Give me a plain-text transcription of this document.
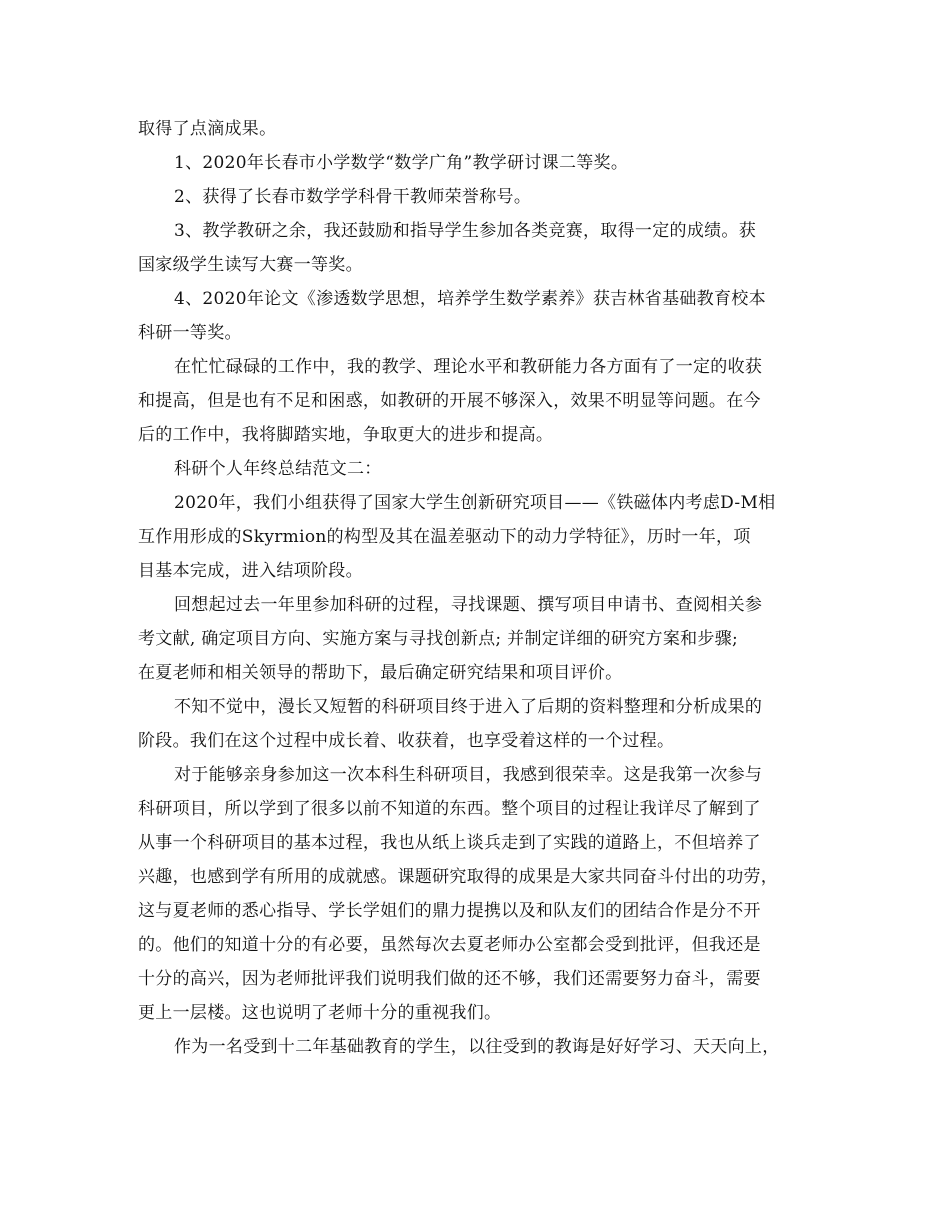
取得了点滴成果。
1、2020年长春市小学数学“数学广角”教学研讨课二等奖。
2、获得了长春市数学学科骨干教师荣誉称号。
3、教学教研之余，我还鼓励和指导学生参加各类竞赛，取得一定的成绩。获
国家级学生读写大赛一等奖。
4、2020年论文《渗透数学思想，培养学生数学素养》获吉林省基础教育校本
科研一等奖。
在忙忙碌碌的工作中，我的教学、理论水平和教研能力各方面有了一定的收获
和提高，但是也有不足和困惑，如教研的开展不够深入，效果不明显等问题。在今
后的工作中，我将脚踏实地，争取更大的进步和提高。
科研个人年终总结范文二：
2020年，我们小组获得了国家大学生创新研究项目——《铁磁体内考虑D-M相
互作用形成的Skyrmion的构型及其在温差驱动下的动力学特征》，历时一年，项
目基本完成，进入结项阶段。
回想起过去一年里参加科研的过程，寻找课题、撰写项目申请书、查阅相关参
考文献, 确定项目方向、实施方案与寻找创新点; 并制定详细的研究方案和步骤;
在夏老师和相关领导的帮助下，最后确定研究结果和项目评价。
不知不觉中，漫长又短暂的科研项目终于进入了后期的资料整理和分析成果的
阶段。我们在这个过程中成长着、收获着，也享受着这样的一个过程。
对于能够亲身参加这一次本科生科研项目，我感到很荣幸。这是我第一次参与
科研项目，所以学到了很多以前不知道的东西。整个项目的过程让我详尽了解到了
从事一个科研项目的基本过程，我也从纸上谈兵走到了实践的道路上，不但培养了
兴趣，也感到学有所用的成就感。课题研究取得的成果是大家共同奋斗付出的功劳，
这与夏老师的悉心指导、学长学姐们的鼎力提携以及和队友们的团结合作是分不开
的。他们的知道十分的有必要，虽然每次去夏老师办公室都会受到批评，但我还是
十分的高兴，因为老师批评我们说明我们做的还不够，我们还需要努力奋斗，需要
更上一层楼。这也说明了老师十分的重视我们。
作为一名受到十二年基础教育的学生，以往受到的教诲是好好学习、天天向上，
